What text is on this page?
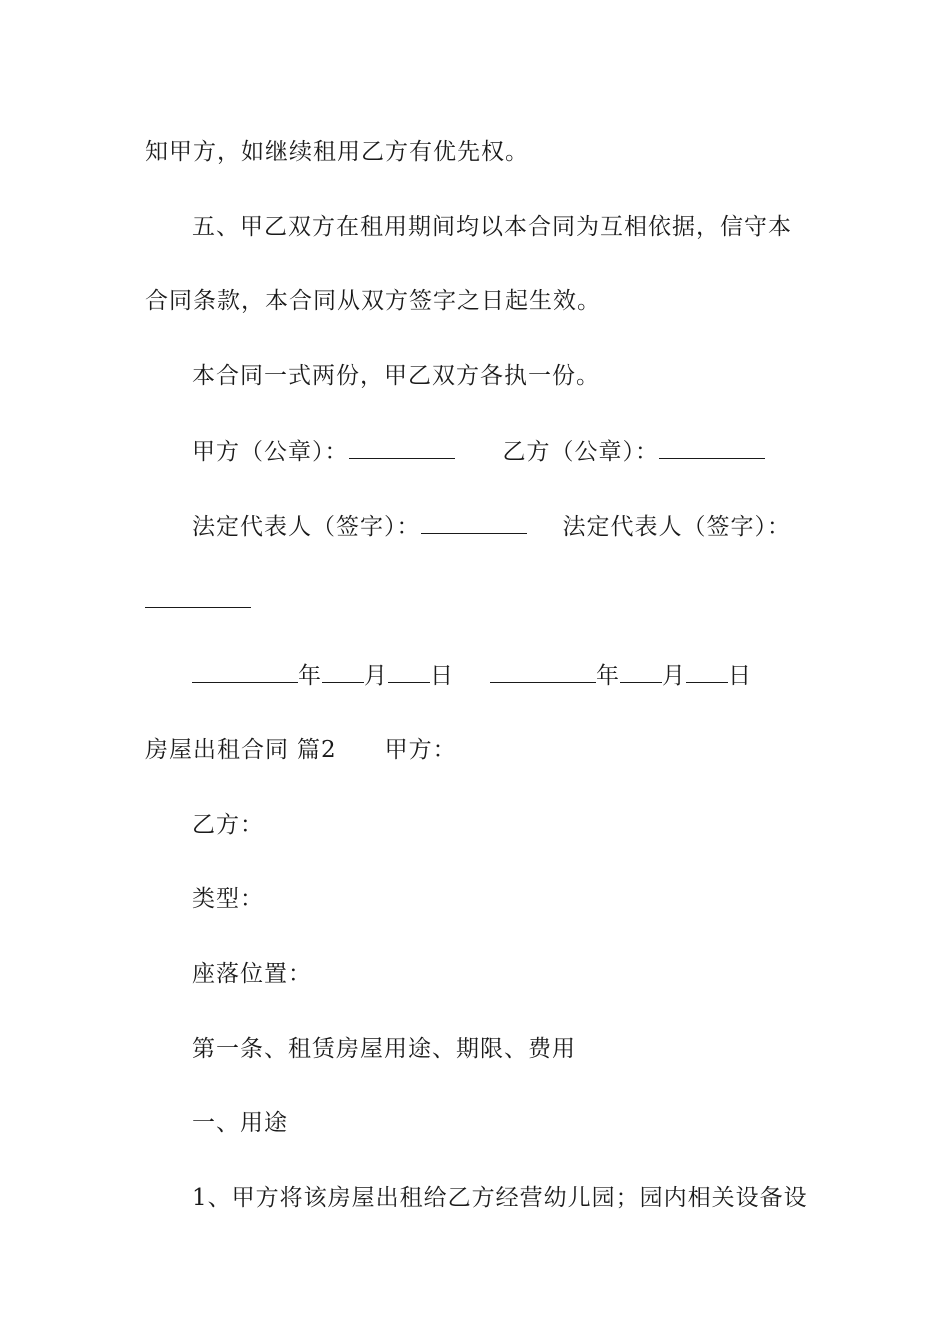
知甲方，如继续租用乙方有优先权。
五、甲乙双方在租用期间均以本合同为互相依据，信守本
合同条款，本合同从双方签字之日起生效。
本合同一式两份，甲乙双方各执一份。
甲方（公章）：	乙方（公章）：
法定代表人（签字）：	法定代表人（签字）：
年 月 日	年 月 日
房屋出租合同 篇2 甲方：
乙方：
类型：
座落位置：
第一条、租赁房屋用途、期限、费用
一、用途
1、甲方将该房屋出租给乙方经营幼儿园；园内相关设备设
